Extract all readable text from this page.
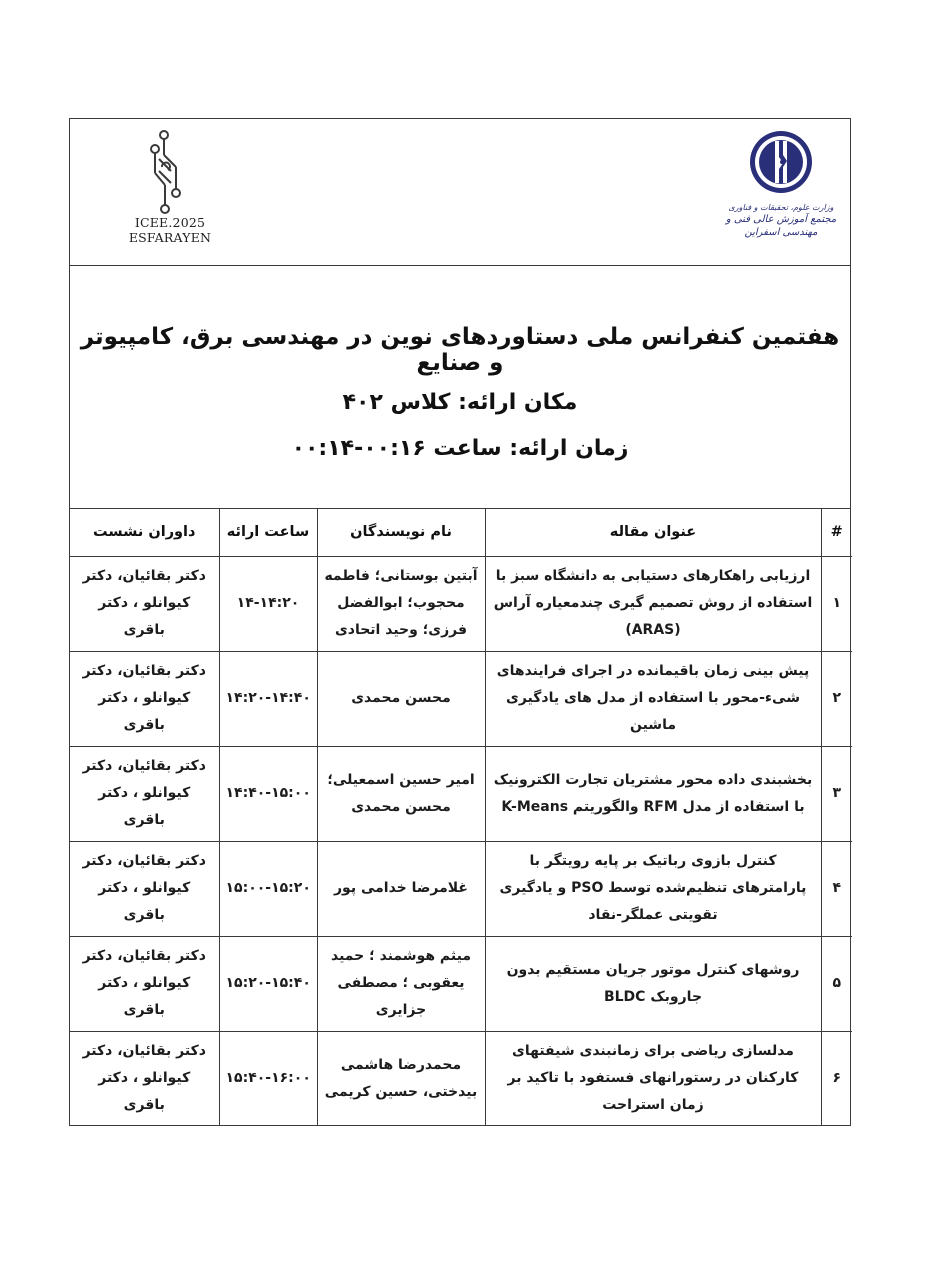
ICEE.2025
ESFARAYEN
وزارت علوم، تحقیقات و فناوری
مجتمع آموزش عالی فنی و مهندسی اسفراین
هفتمین کنفرانس ملی دستاوردهای نوین در مهندسی برق، کامپیوتر و صنایع
مکان ارائه: کلاس ۴۰۲
زمان ارائه: ساعت ۰۰:۱۶-۰۰:۱۴
#	عنوان مقاله	نام نویسندگان	ساعت ارائه	داوران نشست
۱	ارزیابی راهکارهای دستیابی به دانشگاه سبز با استفاده از روش تصمیم گیری چندمعیاره آراس (ARAS)	آبتین بوستانی؛ فاطمه محجوب؛ ابوالفضل فرزی؛ وحید اتحادی	۱۴-۱۴:۲۰	دکتر بقائیان، دکتر کیوانلو ، دکتر باقری
۲	پیش بینی زمان باقیمانده در اجرای فرایندهای شیء-محور با استفاده از مدل های یادگیری ماشین	محسن محمدی	۱۴:۲۰-۱۴:۴۰	دکتر بقائیان، دکتر کیوانلو ، دکتر باقری
۳	بخشبندی داده محور مشتریان تجارت الکترونیک با استفاده از مدل RFM والگوریتم K-Means	امیر حسین اسمعیلی؛ محسن محمدی	۱۴:۴۰-۱۵:۰۰	دکتر بقائیان، دکتر کیوانلو ، دکتر باقری
۴	کنترل بازوی رباتیک بر پایه رویتگر با پارامترهای تنظیم‌شده توسط PSO و یادگیری تقویتی عملگر-نقاد	غلامرضا خدامی پور	۱۵:۰۰-۱۵:۲۰	دکتر بقائیان، دکتر کیوانلو ، دکتر باقری
۵	روشهای کنترل موتور جریان مستقیم بدون جاروبک BLDC	میثم هوشمند ؛ حمید یعقوبی ؛ مصطفی جزایری	۱۵:۲۰-۱۵:۴۰	دکتر بقائیان، دکتر کیوانلو ، دکتر باقری
۶	مدلسازی ریاضی برای زمانبندی شیفتهای کارکنان در رستورانهای فستفود با تاکید بر زمان استراحت	محمدرضا هاشمی بیدختی، حسین کریمی	۱۵:۴۰-۱۶:۰۰	دکتر بقائیان، دکتر کیوانلو ، دکتر باقری
